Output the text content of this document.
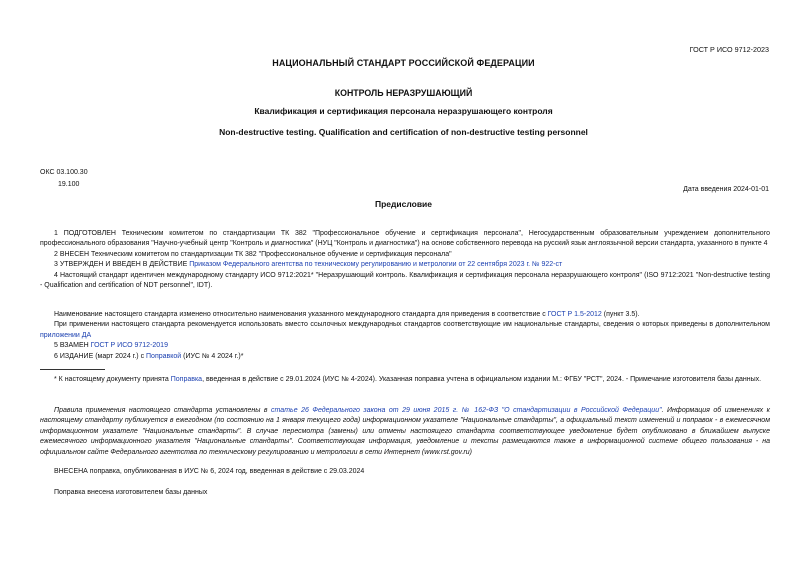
ГОСТ Р ИСО 9712-2023
НАЦИОНАЛЬНЫЙ СТАНДАРТ РОССИЙСКОЙ ФЕДЕРАЦИИ
КОНТРОЛЬ НЕРАЗРУШАЮЩИЙ
Квалификация и сертификация персонала неразрушающего контроля
Non-destructive testing. Qualification and certification of non-destructive testing personnel
ОКС 03.100.30
19.100
Дата введения 2024-01-01
Предисловие

1 ПОДГОТОВЛЕН Техническим комитетом по стандартизации ТК 382 "Профессиональное обучение и сертификация персонала", Негосударственным образовательным учреждением дополнительного профессионального образования "Научно-учебный центр "Контроль и диагностика" (НУЦ "Контроль и диагностика") на основе собственного перевода на русский язык англоязычной версии стандарта, указанного в пункте 4

2 ВНЕСЕН Техническим комитетом по стандартизации ТК 382 "Профессиональное обучение и сертификация персонала"

3 УТВЕРЖДЕН И ВВЕДЕН В ДЕЙСТВИЕ Приказом Федерального агентства по техническому регулированию и метрологии от 22 сентября 2023 г. № 922-ст

4 Настоящий стандарт идентичен международному стандарту ИСО 9712:2021* "Неразрушающий контроль. Квалификация и сертификация персонала неразрушающего контроля" (ISO 9712:2021 "Non-destructive testing - Qualification and certification of NDT personnel", IDT).

Наименование настоящего стандарта изменено относительно наименования указанного международного стандарта для приведения в соответствие с ГОСТ Р 1.5-2012 (пункт 3.5).

При применении настоящего стандарта рекомендуется использовать вместо ссылочных международных стандартов соответствующие им национальные стандарты, сведения о которых приведены в дополнительном приложении ДА

5 ВЗАМЕН ГОСТ Р ИСО 9712-2019

6 ИЗДАНИЕ (март 2024 г.) с Поправкой (ИУС № 4 2024 г.)*

* К настоящему документу принята Поправка, введенная в действие с 29.01.2024 (ИУС № 4-2024). Указанная поправка учтена в официальном издании М.: ФГБУ "РСТ", 2024. - Примечание изготовителя базы данных.

Правила применения настоящего стандарта установлены в статье 26 Федерального закона от 29 июня 2015 г. № 162-ФЗ "О стандартизации в Российской Федерации". Информация об изменениях к настоящему стандарту публикуется в ежегодном (по состоянию на 1 января текущего года) информационном указателе "Национальные стандарты", а официальный текст изменений и поправок - в ежемесячном информационном указателе "Национальные стандарты". В случае пересмотра (замены) или отмены настоящего стандарта соответствующее уведомление будет опубликовано в ближайшем выпуске ежемесячного информационного указателя "Национальные стандарты". Соответствующая информация, уведомление и тексты размещаются также в информационной системе общего пользования - на официальном сайте Федерального агентства по техническому регулированию и метрологии в сети Интернет (www.rst.gov.ru)

ВНЕСЕНА поправка, опубликованная в ИУС № 6, 2024 год, введенная в действие с 29.03.2024

Поправка внесена изготовителем базы данных
